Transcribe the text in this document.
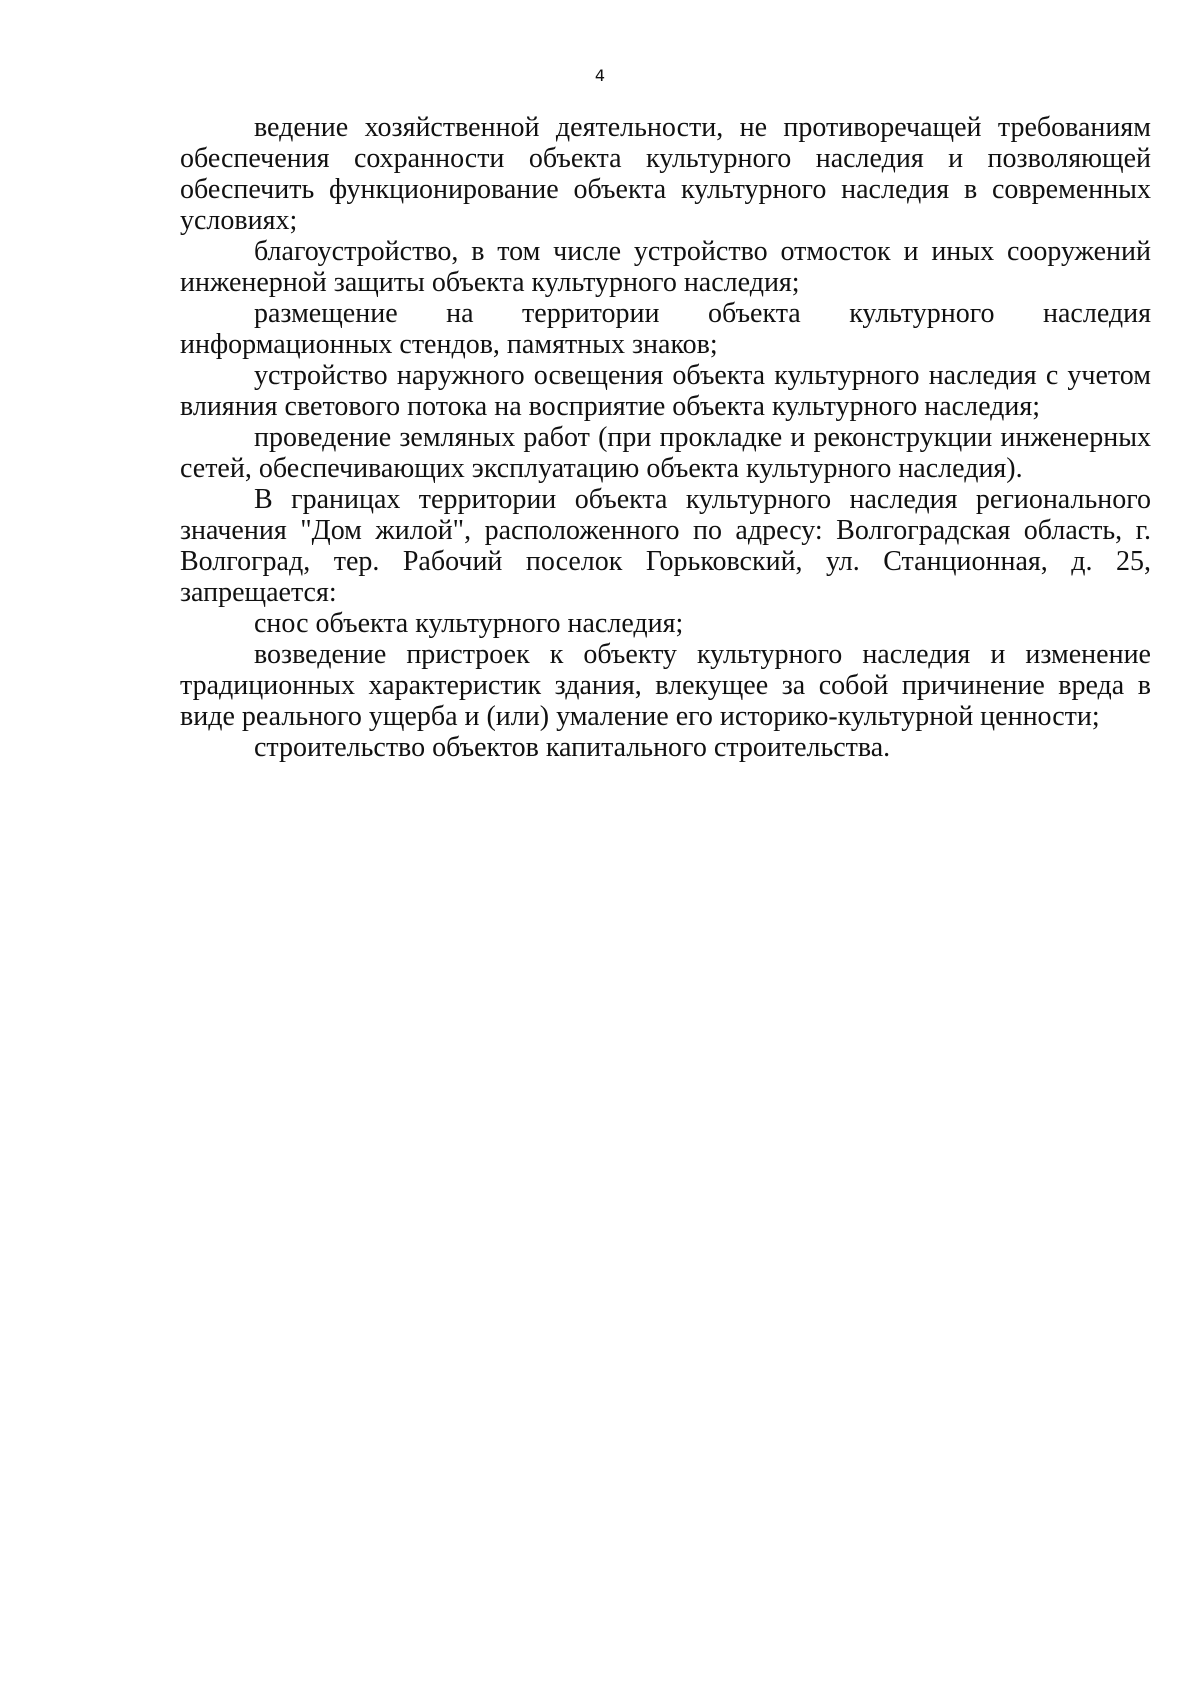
4

ведение хозяйственной деятельности, не противоречащей требованиям обеспечения сохранности объекта культурного наследия и позволяющей обеспечить функционирование объекта культурного наследия в современных условиях;

благоустройство, в том числе устройство отмосток и иных сооружений инженерной защиты объекта культурного наследия;

размещение на территории объекта культурного наследия информационных стендов, памятных знаков;

устройство наружного освещения объекта культурного наследия с учетом влияния светового потока на восприятие объекта культурного наследия;

проведение земляных работ (при прокладке и реконструкции инженерных сетей, обеспечивающих эксплуатацию объекта культурного наследия).

В границах территории объекта культурного наследия регионального значения "Дом жилой", расположенного по адресу: Волгоградская область, г. Волгоград, тер. Рабочий поселок Горьковский, ул. Станционная, д. 25, запрещается:

снос объекта культурного наследия;

возведение пристроек к объекту культурного наследия и изменение традиционных характеристик здания, влекущее за собой причинение вреда в виде реального ущерба и (или) умаление его историко-культурной ценности;

строительство объектов капитального строительства.
